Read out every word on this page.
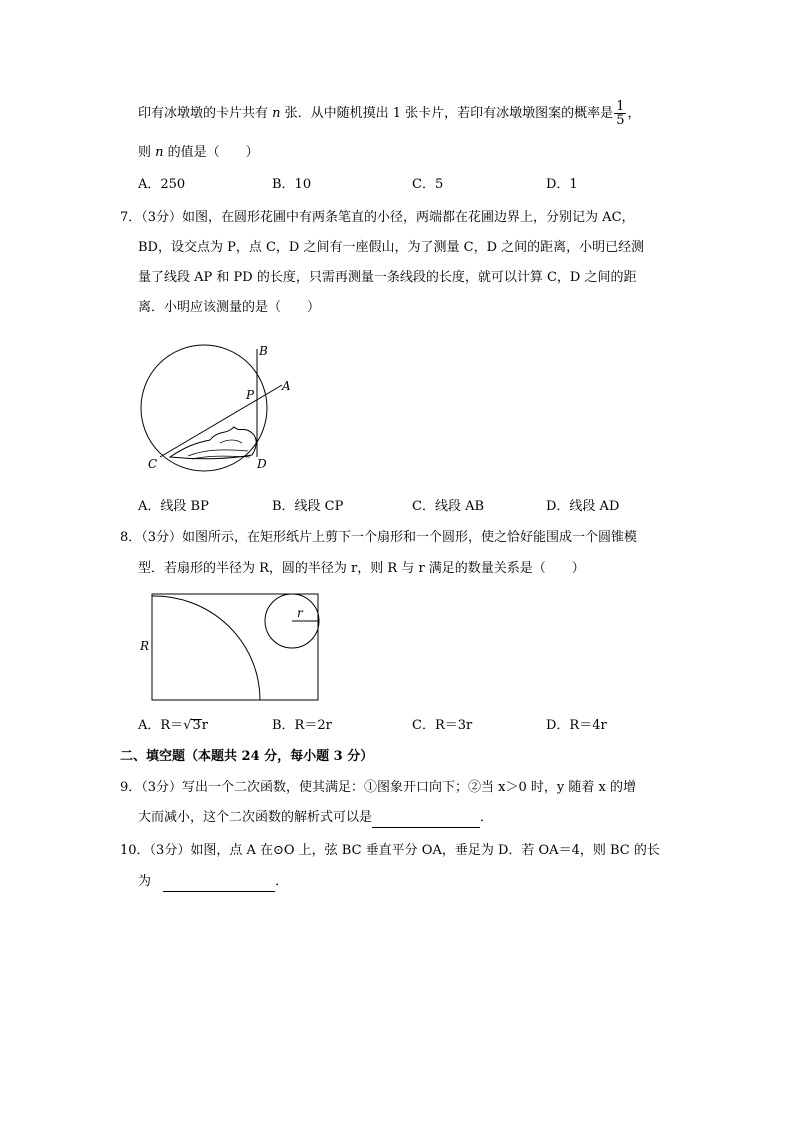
印有冰墩墩的卡片共有 n 张．从中随机摸出 1 张卡片，若印有冰墩墩图案的概率是 $\frac{1}{5}$ ，
则 n 的值是（　　）
A．250	B．10	C．5	D．1
7．（3分）如图，在圆形花圃中有两条笔直的小径，两端都在花圃边界上，分别记为 AC，
BD，设交点为 P，点 C，D 之间有一座假山，为了测量 C，D 之间的距离，小明已经测
量了线段 AP 和 PD 的长度，只需再测量一条线段的长度，就可以计算 C，D 之间的距
离．小明应该测量的是（　　）
B
P
A
C	D
A．线段 BP	B．线段 CP	C．线段 AB	D．线段 AD
8．（3分）如图所示，在矩形纸片上剪下一个扇形和一个圆形，使之恰好能围成一个圆锥模
型．若扇形的半径为 R，圆的半径为 r，则 R 与 r 满足的数量关系是（　　）
r
R
A．R＝√3r	B．R＝2r	C．R＝3r	D．R＝4r
二、填空题（本题共 24 分，每小题 3 分）
9．（3分）写出一个二次函数，使其满足：①图象开口向下；②当 x＞0 时，y 随着 x 的增
大而减小，这个二次函数的解析式可以是	．
10．（3分）如图，点 A 在⊙O 上，弦 BC 垂直平分 OA，垂足为 D．若 OA＝4，则 BC 的长
为	．
